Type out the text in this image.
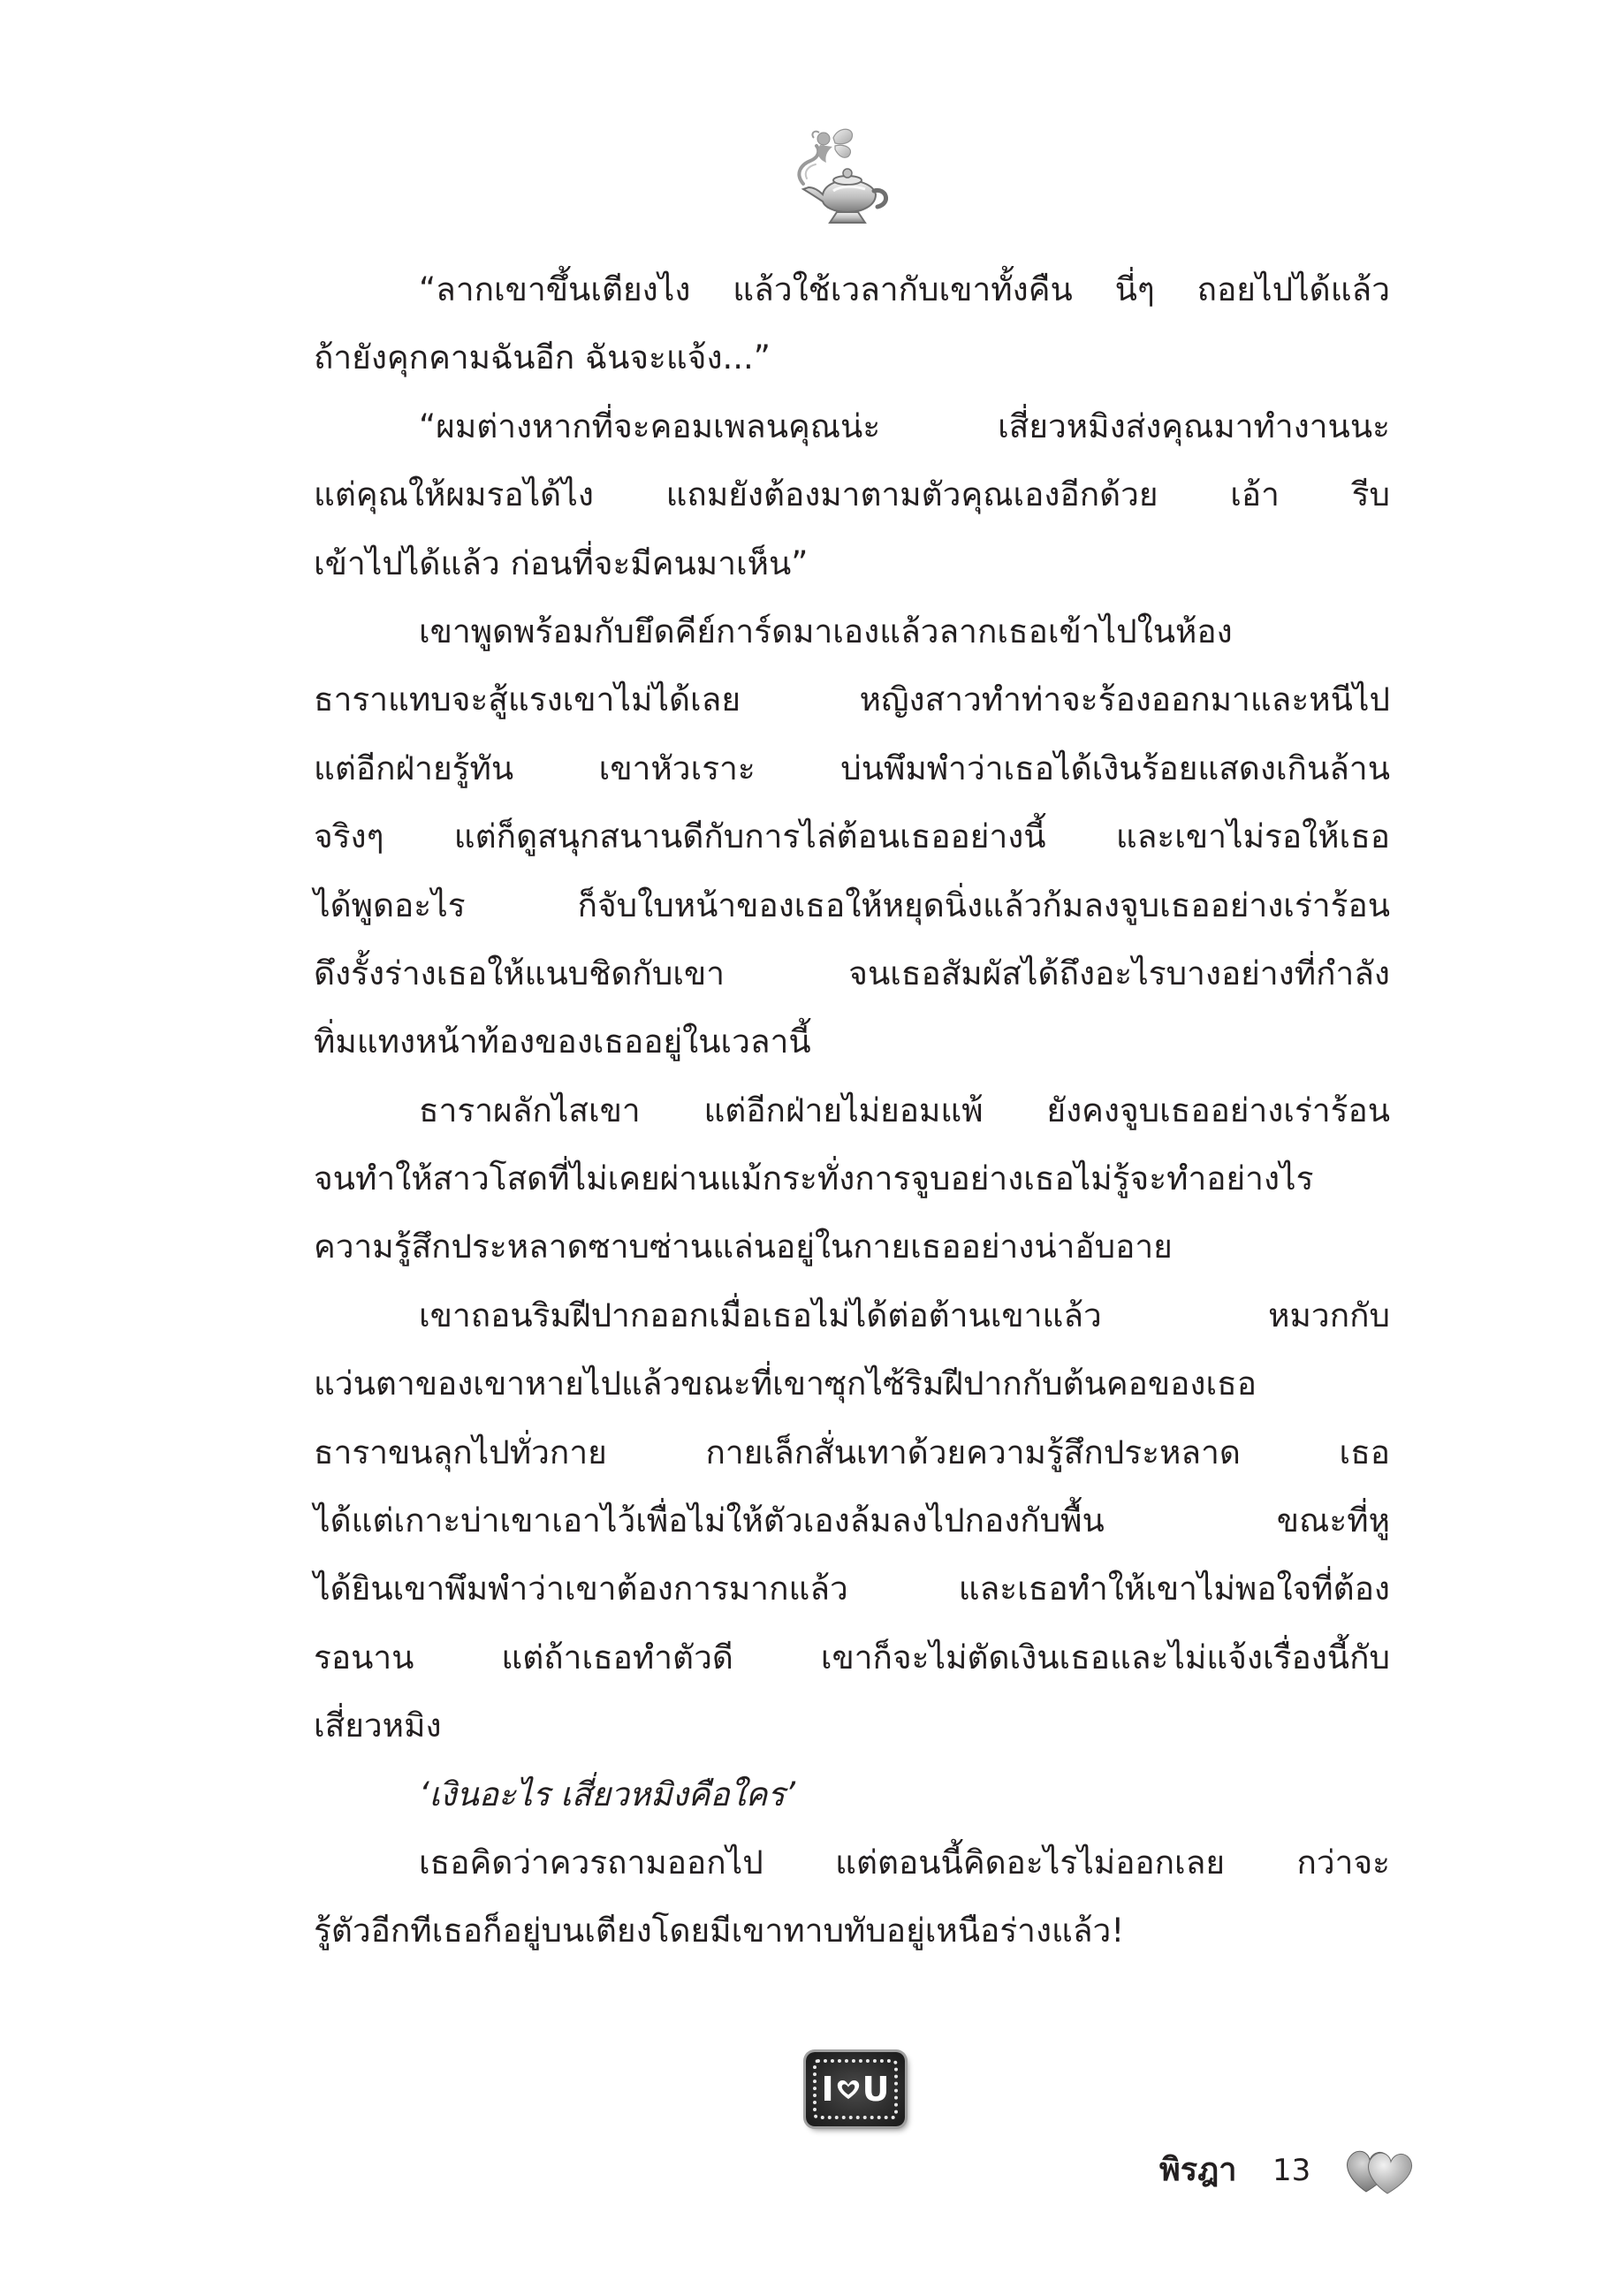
“ลากเขาขึ้นเตียงไง แล้วใช้เวลากับเขาทั้งคืน นี่ๆ ถอยไปได้แล้ว
ถ้ายังคุกคามฉันอีก ฉันจะแจ้ง...”
“ผมต่างหากที่จะคอมเพลนคุณน่ะ เสี่ยวหมิงส่งคุณมาทำงานนะ
แต่คุณให้ผมรอได้ไง แถมยังต้องมาตามตัวคุณเองอีกด้วย เอ้า รีบ
เข้าไปได้แล้ว ก่อนที่จะมีคนมาเห็น”
เขาพูดพร้อมกับยึดคีย์การ์ดมาเองแล้วลากเธอเข้าไปในห้อง
ธาราแทบจะสู้แรงเขาไม่ได้เลย หญิงสาวทำท่าจะร้องออกมาและหนีไป
แต่อีกฝ่ายรู้ทัน เขาหัวเราะ บ่นพึมพำว่าเธอได้เงินร้อยแสดงเกินล้าน
จริงๆ แต่ก็ดูสนุกสนานดีกับการไล่ต้อนเธออย่างนี้ และเขาไม่รอให้เธอ
ได้พูดอะไร ก็จับใบหน้าของเธอให้หยุดนิ่งแล้วก้มลงจูบเธออย่างเร่าร้อน
ดึงรั้งร่างเธอให้แนบชิดกับเขา จนเธอสัมผัสได้ถึงอะไรบางอย่างที่กำลัง
ทิ่มแทงหน้าท้องของเธออยู่ในเวลานี้
ธาราผลักไสเขา แต่อีกฝ่ายไม่ยอมแพ้ ยังคงจูบเธออย่างเร่าร้อน
จนทำให้สาวโสดที่ไม่เคยผ่านแม้กระทั่งการจูบอย่างเธอไม่รู้จะทำอย่างไร
ความรู้สึกประหลาดซาบซ่านแล่นอยู่ในกายเธออย่างน่าอับอาย
เขาถอนริมฝีปากออกเมื่อเธอไม่ได้ต่อต้านเขาแล้ว หมวกกับ
แว่นตาของเขาหายไปแล้วขณะที่เขาซุกไซ้ริมฝีปากกับต้นคอของเธอ
ธาราขนลุกไปทั่วกาย กายเล็กสั่นเทาด้วยความรู้สึกประหลาด เธอ
ได้แต่เกาะบ่าเขาเอาไว้เพื่อไม่ให้ตัวเองล้มลงไปกองกับพื้น ขณะที่หู
ได้ยินเขาพึมพำว่าเขาต้องการมากแล้ว และเธอทำให้เขาไม่พอใจที่ต้อง
รอนาน แต่ถ้าเธอทำตัวดี เขาก็จะไม่ตัดเงินเธอและไม่แจ้งเรื่องนี้กับ
เสี่ยวหมิง
‘เงินอะไร เสี่ยวหมิงคือใคร’
เธอคิดว่าควรถามออกไป แต่ตอนนี้คิดอะไรไม่ออกเลย กว่าจะ
รู้ตัวอีกทีเธอก็อยู่บนเตียงโดยมีเขาทาบทับอยู่เหนือร่างแล้ว!
I U
พิรฎา 13
